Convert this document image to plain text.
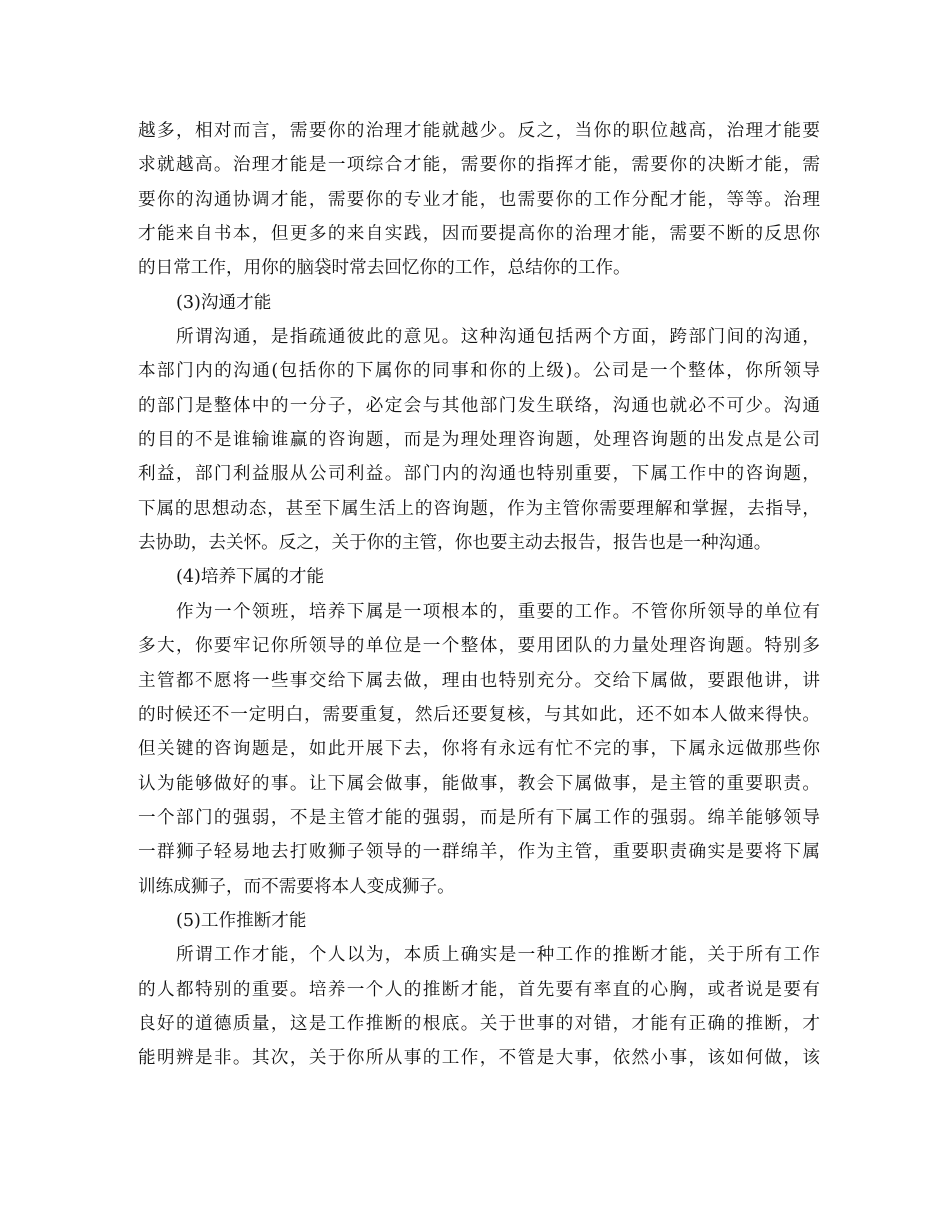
越多，相对而言，需要你的治理才能就越少。反之，当你的职位越高，治理才能要
求就越高。治理才能是一项综合才能，需要你的指挥才能，需要你的决断才能，需
要你的沟通协调才能，需要你的专业才能，也需要你的工作分配才能，等等。治理
才能来自书本，但更多的来自实践，因而要提高你的治理才能，需要不断的反思你
的日常工作，用你的脑袋时常去回忆你的工作，总结你的工作。
(3)沟通才能
所谓沟通，是指疏通彼此的意见。这种沟通包括两个方面，跨部门间的沟通，
本部门内的沟通(包括你的下属你的同事和你的上级)。公司是一个整体，你所领导
的部门是整体中的一分子，必定会与其他部门发生联络，沟通也就必不可少。沟通
的目的不是谁输谁赢的咨询题，而是为理处理咨询题，处理咨询题的出发点是公司
利益，部门利益服从公司利益。部门内的沟通也特别重要，下属工作中的咨询题，
下属的思想动态，甚至下属生活上的咨询题，作为主管你需要理解和掌握，去指导，
去协助，去关怀。反之，关于你的主管，你也要主动去报告，报告也是一种沟通。
(4)培养下属的才能
作为一个领班，培养下属是一项根本的，重要的工作。不管你所领导的单位有
多大，你要牢记你所领导的单位是一个整体，要用团队的力量处理咨询题。特别多
主管都不愿将一些事交给下属去做，理由也特别充分。交给下属做，要跟他讲，讲
的时候还不一定明白，需要重复，然后还要复核，与其如此，还不如本人做来得快。
但关键的咨询题是，如此开展下去，你将有永远有忙不完的事，下属永远做那些你
认为能够做好的事。让下属会做事，能做事，教会下属做事，是主管的重要职责。
一个部门的强弱，不是主管才能的强弱，而是所有下属工作的强弱。绵羊能够领导
一群狮子轻易地去打败狮子领导的一群绵羊，作为主管，重要职责确实是要将下属
训练成狮子，而不需要将本人变成狮子。
(5)工作推断才能
所谓工作才能，个人以为，本质上确实是一种工作的推断才能，关于所有工作
的人都特别的重要。培养一个人的推断才能，首先要有率直的心胸，或者说是要有
良好的道德质量，这是工作推断的根底。关于世事的对错，才能有正确的推断，才
能明辨是非。其次，关于你所从事的工作，不管是大事，依然小事，该如何做，该
